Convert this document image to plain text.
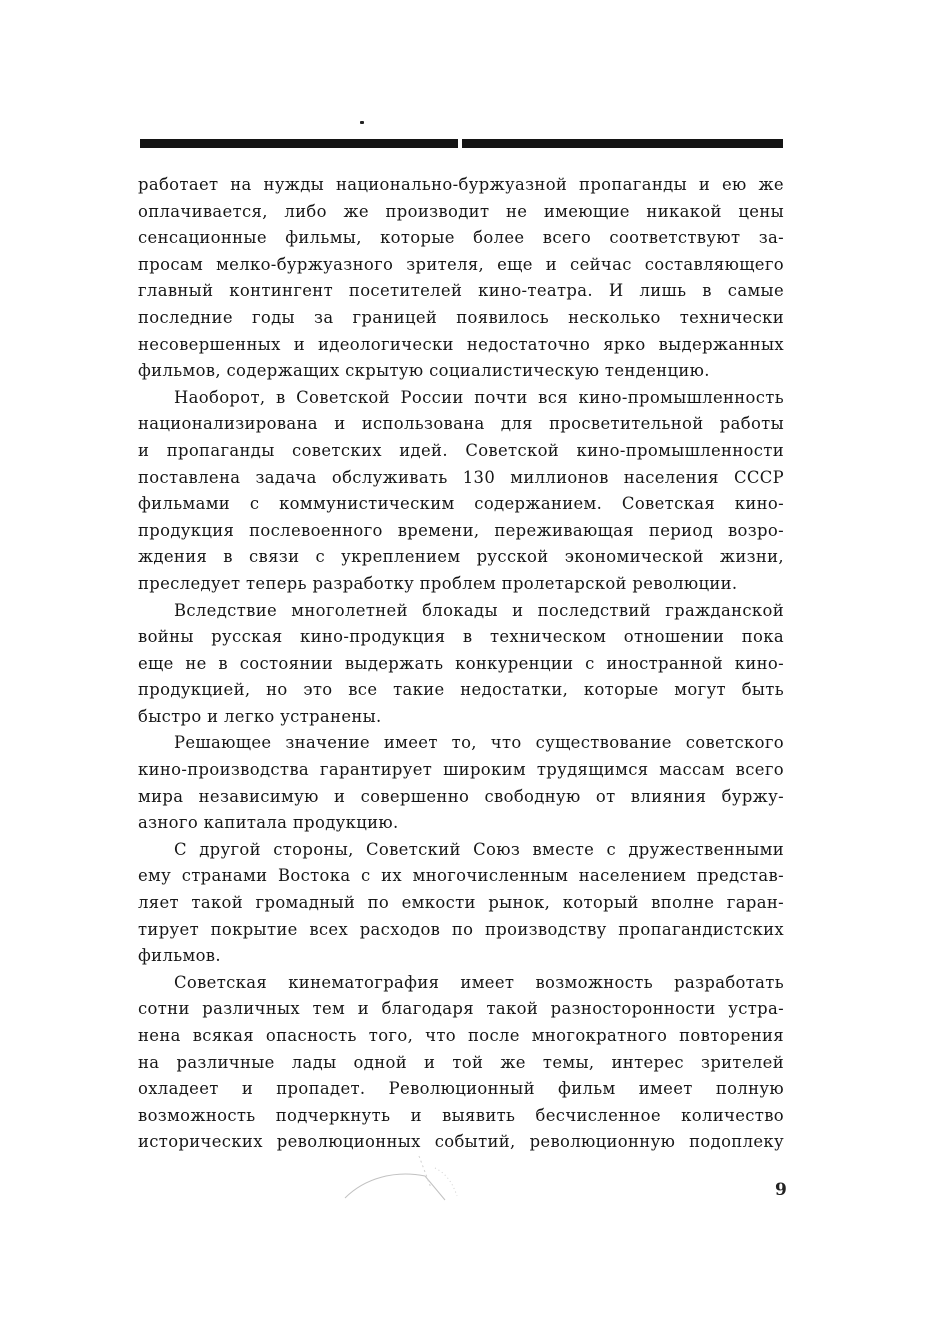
работает на нужды национально-буржуазной пропаганды и ею же
оплачивается, либо же производит не имеющие никакой цены
сенсационные фильмы, которые более всего соответствуют за-
просам мелко-буржуазного зрителя, еще и сейчас составляющего
главный контингент посетителей кино-театра. И лишь в самые
последние годы за границей появилось несколько технически
несовершенных и идеологически недостаточно ярко выдержанных
фильмов, содержащих скрытую социалистическую тенденцию.
Наоборот, в Советской России почти вся кино-промышленность
национализирована и использована для просветительной работы
и пропаганды советских идей. Советской кино-промышленности
поставлена задача обслуживать 130 миллионов населения СССР
фильмами с коммунистическим содержанием. Советская кино-
продукция послевоенного времени, переживающая период возро-
ждения в связи с укреплением русской экономической жизни,
преследует теперь разработку проблем пролетарской революции.
Вследствие многолетней блокады и последствий гражданской
войны русская кино-продукция в техническом отношении пока
еще не в состоянии выдержать конкуренции с иностранной кино-
продукцией, но это все такие недостатки, которые могут быть
быстро и легко устранены.
Решающее значение имеет то, что существование советского
кино-производства гарантирует широким трудящимся массам всего
мира независимую и совершенно свободную от влияния буржу-
азного капитала продукцию.
С другой стороны, Советский Союз вместе с дружественными
ему странами Востока с их многочисленным населением представ-
ляет такой громадный по емкости рынок, который вполне гаран-
тирует покрытие всех расходов по производству пропагандистских
фильмов.
Советская кинематография имеет возможность разработать
сотни различных тем и благодаря такой разносторонности устра-
нена всякая опасность того, что после многократного повторения
на различные лады одной и той же темы, интерес зрителей
охладеет и пропадет. Революционный фильм имеет полную
возможность подчеркнуть и выявить бесчисленное количество
исторических революционных событий, революционную подоплеку
9
